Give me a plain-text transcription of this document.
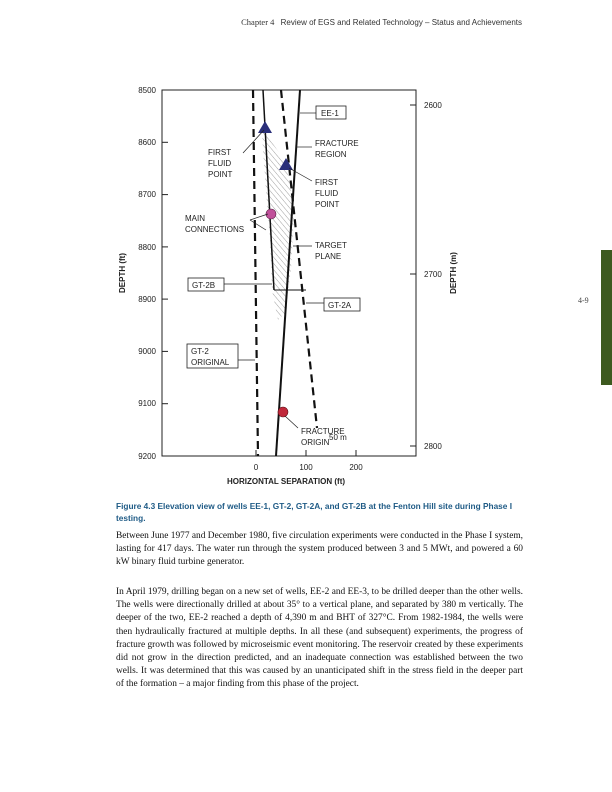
Chapter 4 Review of EGS and Related Technology – Status and Achievements
4-9
8500
8600
8700
8800
8900
9000
9100
9200
2600
2700
2800
0	100	200
DEPTH (ft)	DEPTH (m)
HORIZONTAL SEPARATION (ft)
EE-1
GT-2B
GT-2A
GT-2
ORIGINAL
FRACTURE
REGION
FIRST
FLUID
POINT
FIRST
FLUID
POINT
MAIN
CONNECTIONS
TARGET
PLANE
FRACTURE
ORIGIN
50 m
Figure 4.3 Elevation view of wells EE-1, GT-2, GT-2A, and GT-2B at the Fenton Hill site during Phase I testing.
Between June 1977 and December 1980, five circulation experiments were conducted in the Phase I system, lasting for 417 days. The water run through the system produced between 3 and 5 MWt, and powered a 60 kW binary fluid turbine generator.
In April 1979, drilling began on a new set of wells, EE-2 and EE-3, to be drilled deeper than the other wells. The wells were directionally drilled at about 35° to a vertical plane, and separated by 380 m vertically. The deeper of the two, EE-2 reached a depth of 4,390 m and BHT of 327°C. From 1982-1984, the wells were then hydraulically fractured at multiple depths. In all these (and subsequent) experiments, the progress of fracture growth was followed by microseismic event monitoring. The reservoir created by these experiments did not grow in the direction predicted, and an inadequate connection was established between the two wells. It was determined that this was caused by an unanticipated shift in the stress field in the deeper part of the formation – a major finding from this phase of the project.
